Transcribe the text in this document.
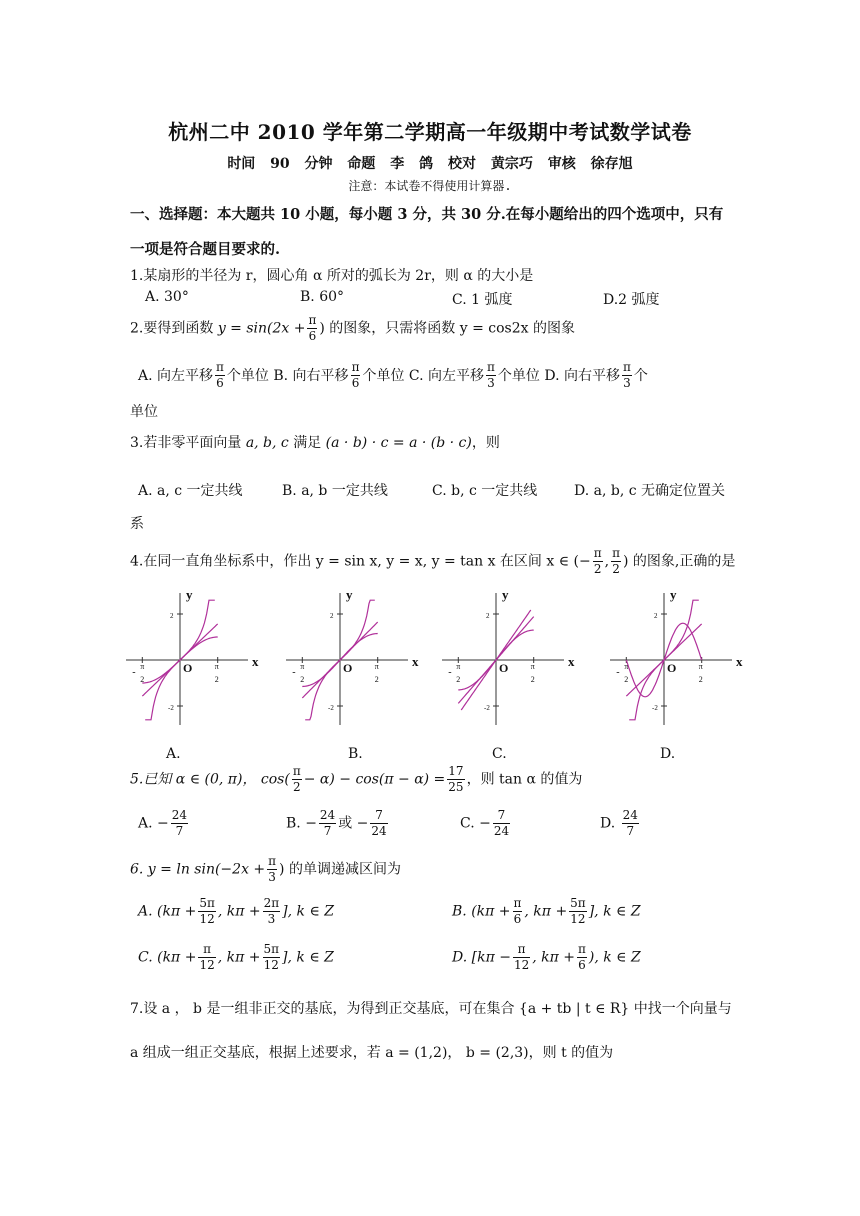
杭州二中 2010 学年第二学期高一年级期中考试数学试卷
时间 90 分钟 命题 李 鸽 校对 黄宗巧 审核 徐存旭
注意：本试卷不得使用计算器.
一、选择题：本大题共 10 小题，每小题 3 分，共 30 分.在每小题给出的四个选项中，只有
一项是符合题目要求的.
1.某扇形的半径为 r，圆心角 α 所对的弧长为 2r，则 α 的大小是
A. 30°	B. 60°	C. 1 弧度	D.2 弧度
2.要得到函数 $y = \sin(2x + \frac{\pi}{6}$ ) 的图象，只需将函数 y = cos2x 的图象
A. 向左平移 $\frac{\pi}{6}$ 个单位 B. 向右平移 $\frac{\pi}{6}$ 个单位 C. 向左平移 $\frac{\pi}{3}$ 个单位 D. 向右平移 $\frac{\pi}{3}$ 个
单位
3.若非零平面向量 a, b, c 满足 (a · b) · c = a · (b · c)，则
A. a, c 一定共线	B. a, b 一定共线	C. b, c 一定共线	D. a, b, c 无确定位置关
系
4.在同一直角坐标系中，作出 y = sin x, y = x, y = tan x 在区间 x ∈ (− $\frac{\pi}{2}$ , $\frac{\pi}{2}$ ) 的图象,正确的是
y
x
O
2
-2
π
-
2
π
2
y
x
O
2
-2
π
-
2
π
2
y
x
O
2
-2
π
-
2
π
2
y
x
O
2
-2
π
-
2
π
2
A.	B.	C.	D.
5.已知 α ∈ (0, π)， $\cos( \frac{\pi}{2} - \alpha) - \cos(\pi - \alpha) = \frac{17}{25}$ ，则 tan α 的值为
A. − $\frac{24}{7}$	B. − $\frac{24}{7}$ 或 − $\frac{7}{24}$	C. − $\frac{7}{24}$	D. $\frac{24}{7}$
6. $y = \ln \sin(-2x + \frac{\pi}{3}$ ) 的单调递减区间为
A. ($k\pi + \frac{5\pi}{12}$ , $k\pi + \frac{2\pi}{3}$ ], k ∈ Z	B. ($k\pi + \frac{\pi}{6}$ , $k\pi + \frac{5\pi}{12}$ ], k ∈ Z
C. ($k\pi + \frac{\pi}{12}$ , $k\pi + \frac{5\pi}{12}$ ], k ∈ Z	D. [$k\pi - \frac{\pi}{12}$ , $k\pi + \frac{\pi}{6}$ ), k ∈ Z
7.设 a ， b 是一组非正交的基底，为得到正交基底，可在集合 {a + tb | t ∈ R} 中找一个向量与
a 组成一组正交基底，根据上述要求，若 a = (1,2)， b = (2,3)，则 t 的值为
